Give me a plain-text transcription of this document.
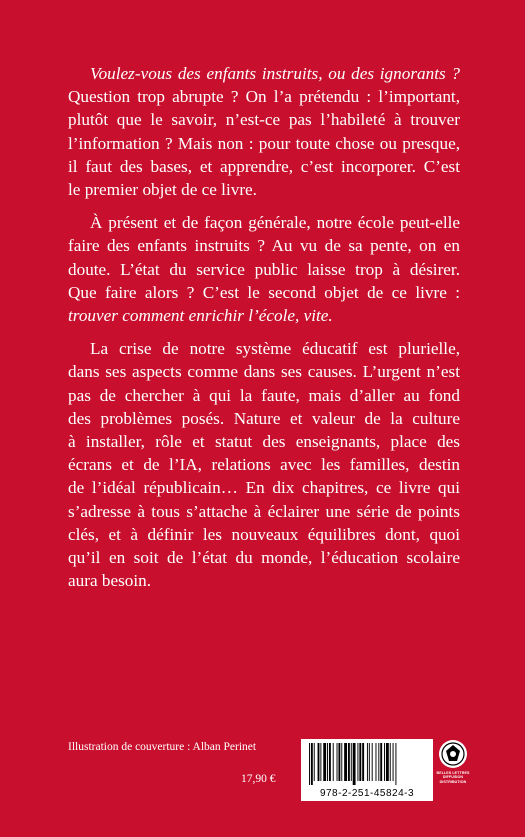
Voulez-vous des enfants instruits, ou des ignorants ?
Question trop abrupte ? On l’a prétendu : l’important,
plutôt que le savoir, n’est-ce pas l’habileté à trouver
l’information ? Mais non : pour toute chose ou presque,
il faut des bases, et apprendre, c’est incorporer. C’est
le premier objet de ce livre.

À présent et de façon générale, notre école peut-elle
faire des enfants instruits ? Au vu de sa pente, on en
doute. L’état du service public laisse trop à désirer.
Que faire alors ? C’est le second objet de ce livre :
trouver comment enrichir l’école, vite.

La crise de notre système éducatif est plurielle,
dans ses aspects comme dans ses causes. L’urgent n’est
pas de chercher à qui la faute, mais d’aller au fond
des problèmes posés. Nature et valeur de la culture
à installer, rôle et statut des enseignants, place des
écrans et de l’IA, relations avec les familles, destin
de l’idéal républicain… En dix chapitres, ce livre qui
s’adresse à tous s’attache à éclairer une série de points
clés, et à définir les nouveaux équilibres dont, quoi
qu’il en soit de l’état du monde, l’éducation scolaire
aura besoin.

Illustration de couverture : Alban Perinet
17,90 €
978-2-251-45824-3
BELLES LETTRES DIFFUSION DISTRIBUTION
